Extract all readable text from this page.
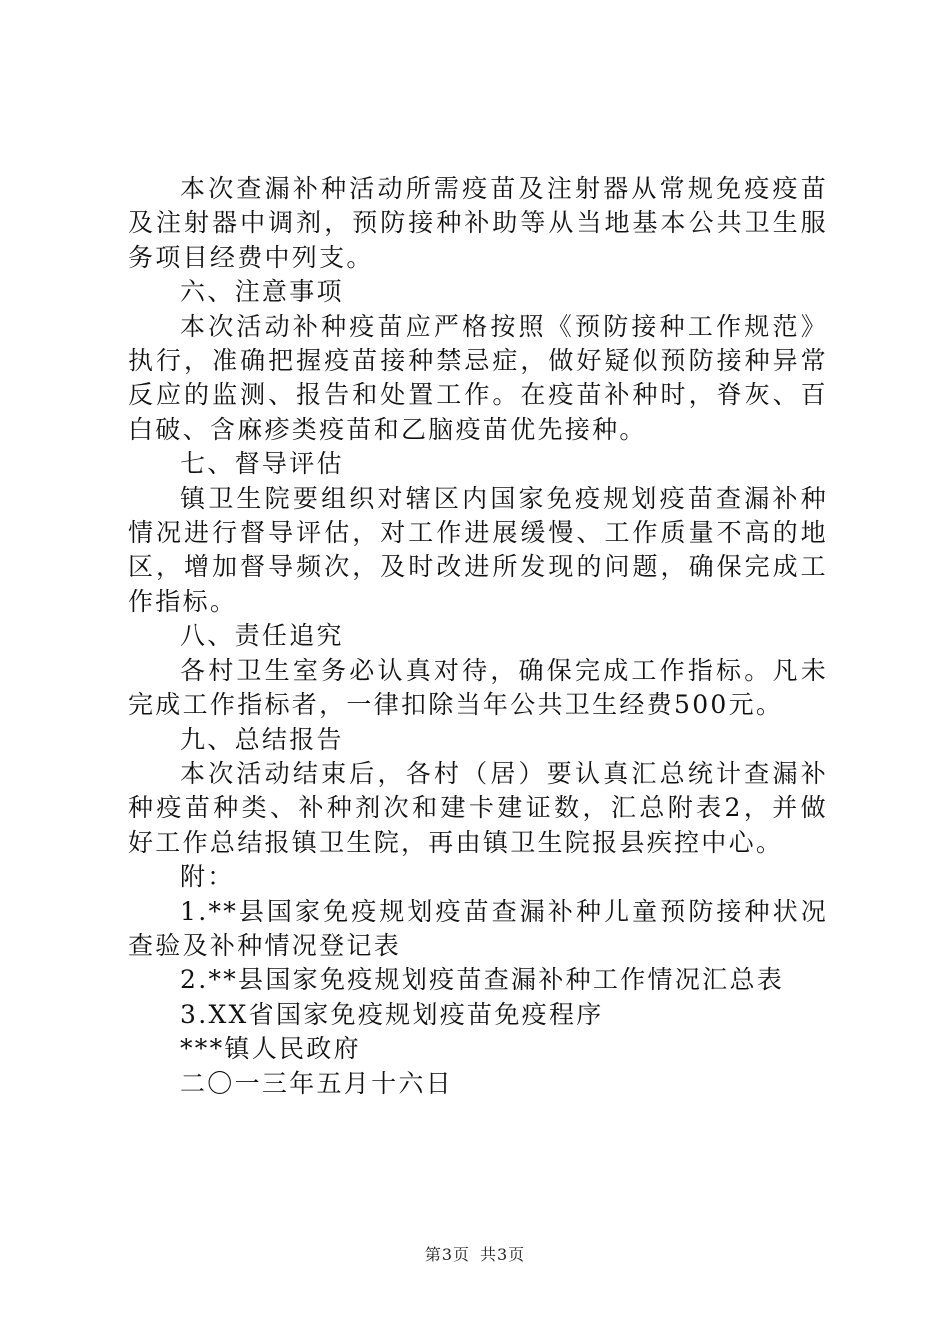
本次查漏补种活动所需疫苗及注射器从常规免疫疫苗及注射器中调剂，预防接种补助等从当地基本公共卫生服务项目经费中列支。

六、注意事项

本次活动补种疫苗应严格按照《预防接种工作规范》执行，准确把握疫苗接种禁忌症，做好疑似预防接种异常反应的监测、报告和处置工作。在疫苗补种时，脊灰、百白破、含麻疹类疫苗和乙脑疫苗优先接种。

七、督导评估

镇卫生院要组织对辖区内国家免疫规划疫苗查漏补种情况进行督导评估，对工作进展缓慢、工作质量不高的地区，增加督导频次，及时改进所发现的问题，确保完成工作指标。

八、责任追究

各村卫生室务必认真对待，确保完成工作指标。凡未完成工作指标者，一律扣除当年公共卫生经费500元。

九、总结报告

本次活动结束后，各村（居）要认真汇总统计查漏补种疫苗种类、补种剂次和建卡建证数，汇总附表2，并做好工作总结报镇卫生院，再由镇卫生院报县疾控中心。

附：

1.**县国家免疫规划疫苗查漏补种儿童预防接种状况查验及补种情况登记表

2.**县国家免疫规划疫苗查漏补种工作情况汇总表

3.XX省国家免疫规划疫苗免疫程序

***镇人民政府

二〇一三年五月十六日

第3页 共3页
